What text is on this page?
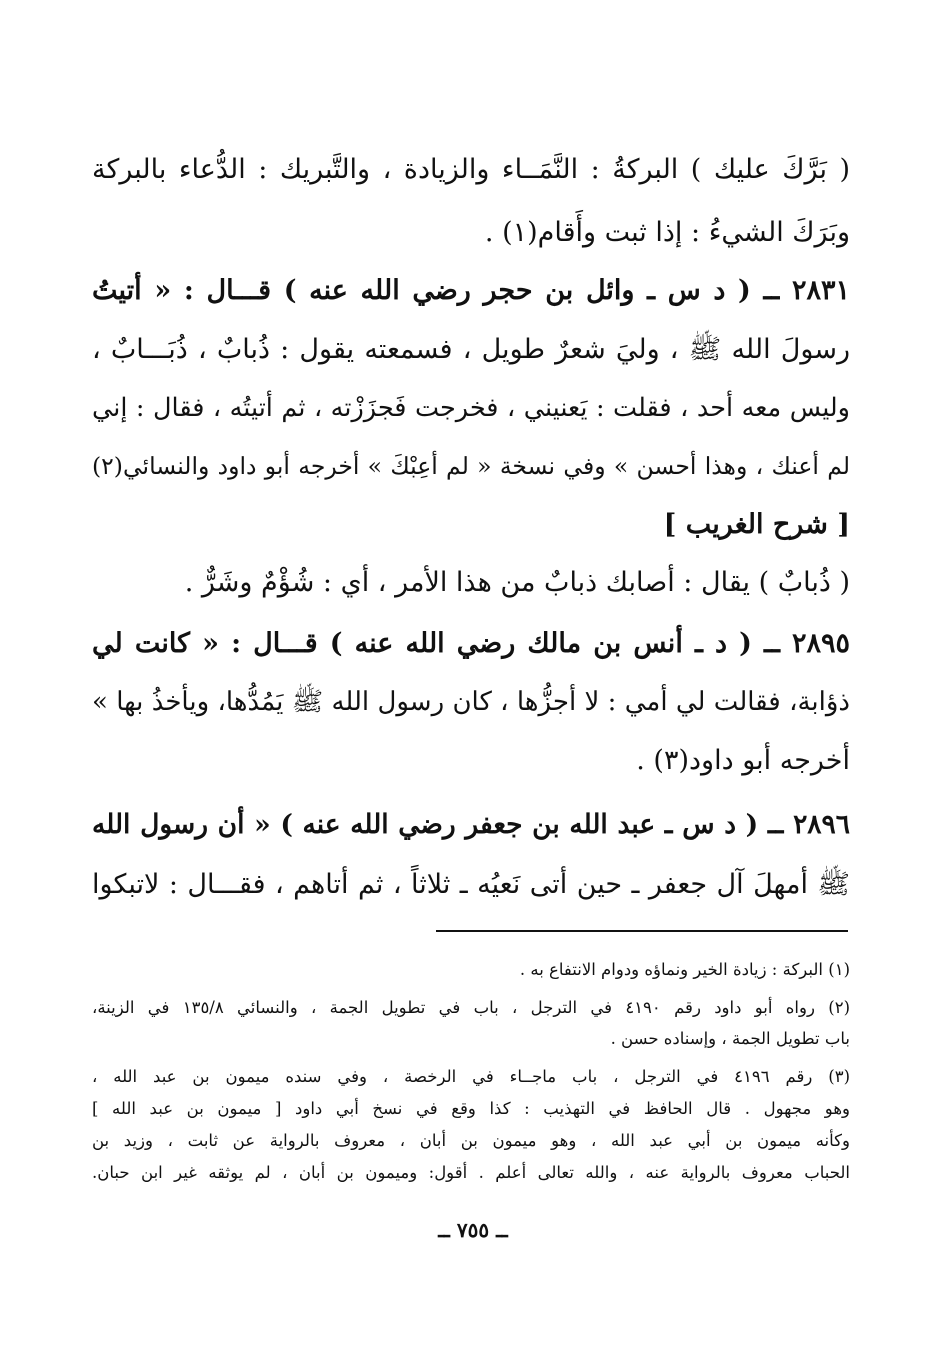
( بَرَّكَ عليك ) البركةُ : النَّمَــاء والزيادة ، والتَّبريك : الدُّعاء بالبركة
وبَرَكَ الشيءُ : إذا ثبت وأَقام(١) .
٢٨٣١ ــ ( د س ـ وائل بن حجر رضي الله عنه ) قـــال : « أتيتُ
رسولَ الله ﷺ ، وليَ شعرٌ طويل ، فسمعته يقول : ذُبابٌ ، ذُبَـــابٌ ،
وليس معه أحد ، فقلت : يَعنيني ، فخرجت فَجزَزْته ، ثم أتيتُه ، فقال : إني
لم أعنك ، وهذا أحسن » وفي نسخة « لم أعِبْكَ » أخرجه أبو داود والنسائي(٢)
[ شرح الغريب ]
( ذُبابٌ ) يقال : أصابك ذبابٌ من هذا الأمر ، أي : شُؤْمٌ وشَرٌّ .
٢٨٩٥ ــ ( د ـ أنس بن مالك رضي الله عنه ) قـــال : « كانت لي
ذؤابة، فقالت لي أمي : لا أجزُّها ، كان رسول الله ﷺ يَمُدُّها، ويأخذُ بها »
أخرجه أبو داود(٣) .
٢٨٩٦ ــ ( د س ـ عبد الله بن جعفر رضي الله عنه ) « أن رسول الله
ﷺ أمهلَ آل جعفر ـ حين أتى نَعيُه ـ ثلاثاً ، ثم أتاهم ، فقـــال : لاتبكوا
(١) البركة : زيادة الخير ونماؤه ودوام الانتفاع به .
(٢) رواه أبو داود رقم ٤١٩٠ في الترجل ، باب في تطويل الجمة ، والنسائي ١٣٥/٨ في الزينة،
باب تطويل الجمة ، وإسناده حسن .
(٣) رقم ٤١٩٦ في الترجل ، باب ماجــاء في الرخصة ، وفي سنده ميمون بن عبد الله ،
وهو مجهول . قال الحافظ في التهذيب : كذا وقع في نسخ أبي داود [ ميمون بن عبد الله ]
وكأنه ميمون بن أبي عبد الله ، وهو ميمون بن أبان ، معروف بالرواية عن ثابت ، وزيد بن
الحباب معروف بالرواية عنه ، والله تعالى أعلم . أقول: وميمون بن أبان ، لم يوثقه غير ابن حبان.
ــ ٧٥٥ ــ
